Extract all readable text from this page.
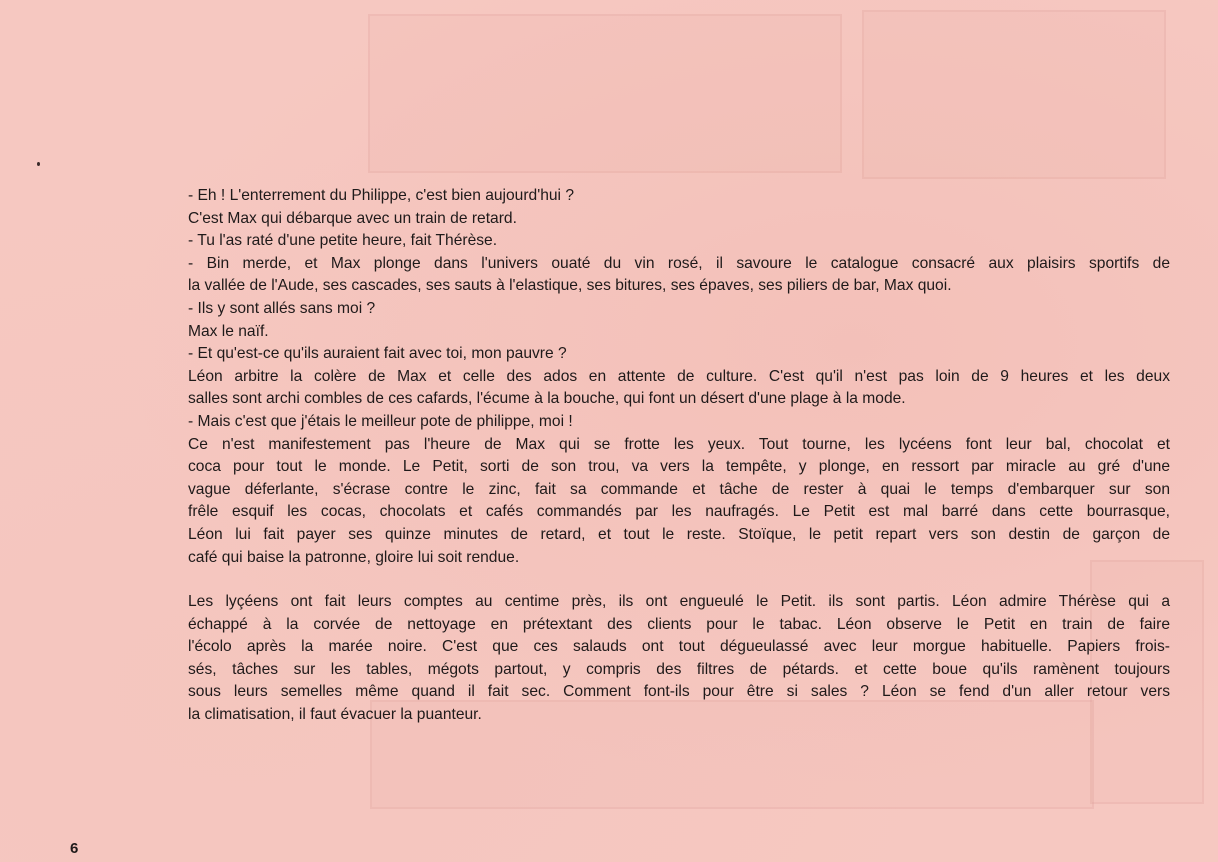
- Eh ! L'enterrement du Philippe, c'est bien aujourd'hui ?
C'est Max qui débarque avec un train de retard.
- Tu l'as raté d'une petite heure, fait Thérèse.
- Bin merde, et Max plonge dans l'univers ouaté du vin rosé, il savoure le catalogue consacré aux plaisirs sportifs de
la vallée de l'Aude, ses cascades, ses sauts à l'elastique, ses bitures, ses épaves, ses piliers de bar, Max quoi.
- Ils y sont allés sans moi ?
Max le naïf.
- Et qu'est-ce qu'ils auraient fait avec toi, mon pauvre ?
Léon arbitre la colère de Max et celle des ados en attente de culture. C'est qu'il n'est pas loin de 9 heures et les deux
salles sont archi combles de ces cafards, l'écume à la bouche, qui font un désert d'une plage à la mode.
- Mais c'est que j'étais le meilleur pote de philippe, moi !
Ce n'est manifestement pas l'heure de Max qui se frotte les yeux. Tout tourne, les lycéens font leur bal, chocolat et
coca pour tout le monde. Le Petit, sorti de son trou, va vers la tempête, y plonge, en ressort par miracle au gré d'une
vague déferlante, s'écrase contre le zinc, fait sa commande et tâche de rester à quai le temps d'embarquer sur son
frêle esquif les cocas, chocolats et cafés commandés par les naufragés. Le Petit est mal barré dans cette bourrasque,
Léon lui fait payer ses quinze minutes de retard, et tout le reste. Stoïque, le petit repart vers son destin de garçon de
café qui baise la patronne, gloire lui soit rendue.
Les lyçéens ont fait leurs comptes au centime près, ils ont engueulé le Petit. ils sont partis. Léon admire Thérèse qui a
échappé à la corvée de nettoyage en prétextant des clients pour le tabac. Léon observe le Petit en train de faire
l'écolo après la marée noire. C'est que ces salauds ont tout dégueulassé avec leur morgue habituelle. Papiers frois-
sés, tâches sur les tables, mégots partout, y compris des filtres de pétards. et cette boue qu'ils ramènent toujours
sous leurs semelles même quand il fait sec. Comment font-ils pour être si sales ? Léon se fend d'un aller retour vers
la climatisation, il faut évacuer la puanteur.
6
